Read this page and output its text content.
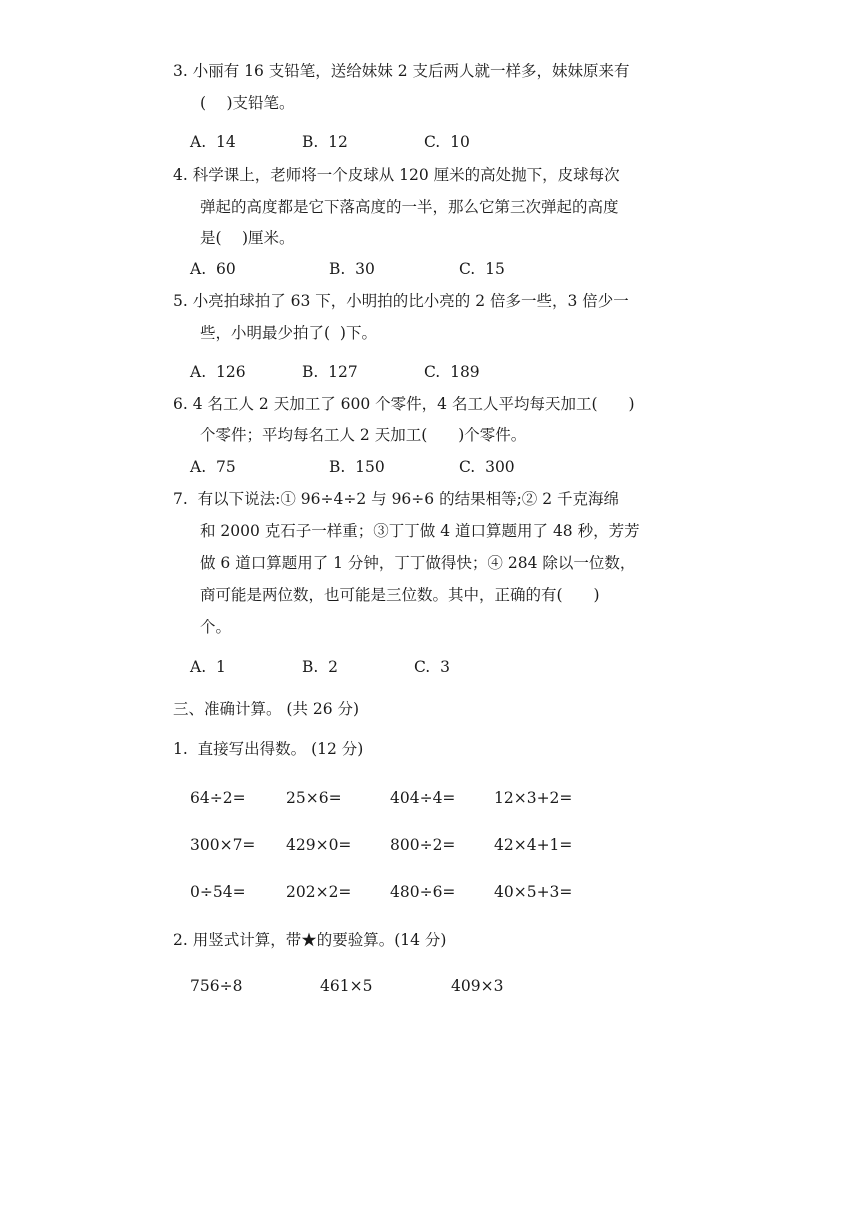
3. 小丽有 16 支铅笔，送给妹妹 2 支后两人就一样多，妹妹原来有
(　 )支铅笔。
A.  14	B.  12	C.  10
4. 科学课上，老师将一个皮球从 120 厘米的高处抛下，皮球每次
弹起的高度都是它下落高度的一半，那么它第三次弹起的高度
是(　 )厘米。
A.  60	B.  30	C.  15
5. 小亮拍球拍了 63 下，小明拍的比小亮的 2 倍多一些，3 倍少一
些，小明最少拍了(  )下。
A.  126	B.  127	C.  189
6. 4 名工人 2 天加工了 600 个零件，4 名工人平均每天加工(　　)
个零件；平均每名工人 2 天加工(　　)个零件。
A.  75	B.  150	C.  300
7.  有以下说法:① 96÷4÷2 与 96÷6 的结果相等;② 2 千克海绵
和 2000 克石子一样重；③丁丁做 4 道口算题用了 48 秒，芳芳
做 6 道口算题用了 1 分钟，丁丁做得快；④ 284 除以一位数，
商可能是两位数，也可能是三位数。其中，正确的有(　　)
个。
A.  1	B.  2	C.  3
三、准确计算。 (共 26 分)
1.  直接写出得数。 (12 分)
64÷2=	25×6=	404÷4= 12×3+2=
300×7= 429×0= 800÷2= 42×4+1=
0÷54=	202×2= 480÷6= 40×5+3=
2. 用竖式计算，带★的要验算。(14 分)
756÷8	461×5	409×3
